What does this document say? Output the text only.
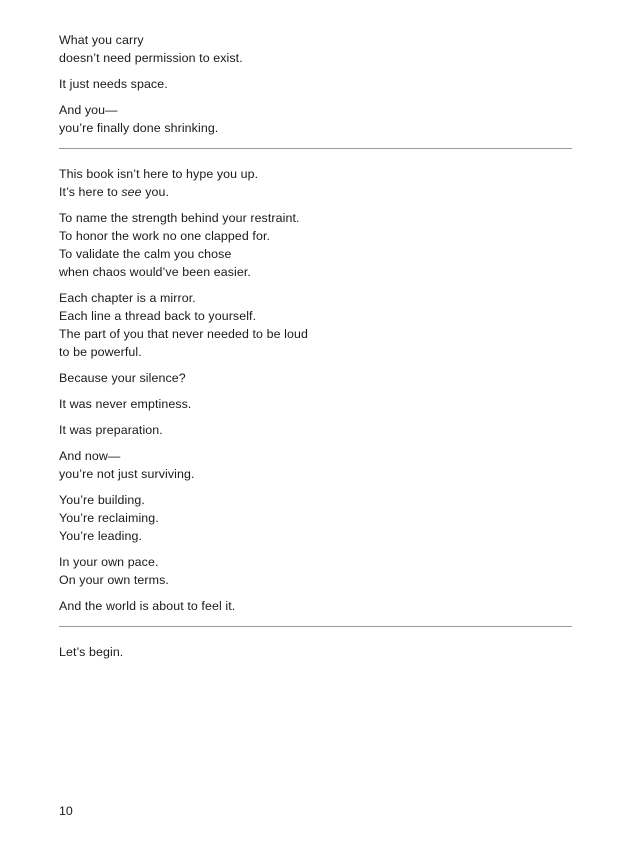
What you carry
doesn’t need permission to exist.

It just needs space.

And you—
you’re finally done shrinking.

This book isn’t here to hype you up.
It’s here to see you.

To name the strength behind your restraint.
To honor the work no one clapped for.
To validate the calm you chose
when chaos would’ve been easier.

Each chapter is a mirror.
Each line a thread back to yourself.
The part of you that never needed to be loud
to be powerful.

Because your silence?

It was never emptiness.

It was preparation.

And now—
you’re not just surviving.

You’re building.
You’re reclaiming.
You’re leading.

In your own pace.
On your own terms.

And the world is about to feel it.

Let’s begin.

10
